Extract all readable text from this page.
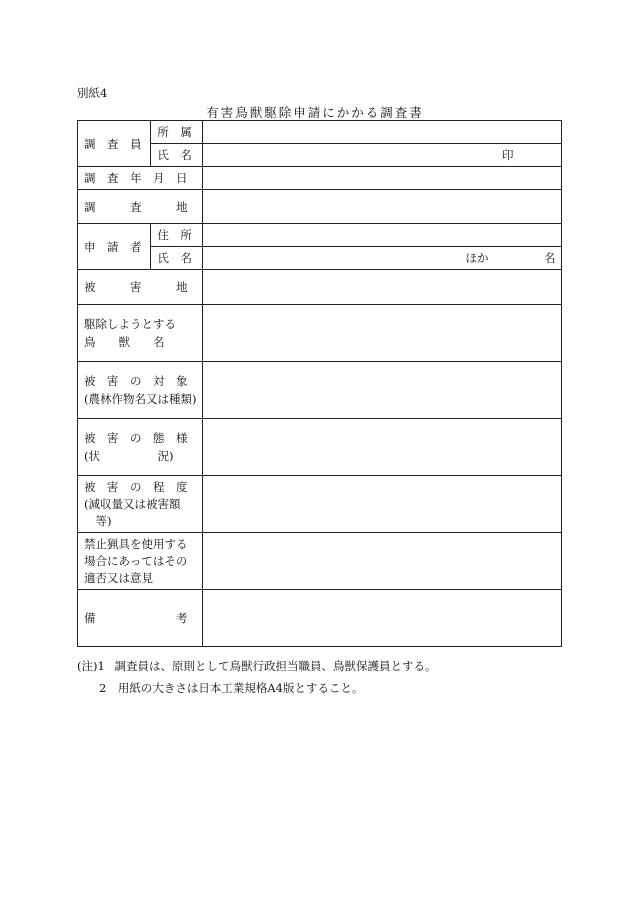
別紙4
有害鳥獣駆除申請にかかる調査書
調　査　員	所　属	
	氏　名	印
調　査　年　月　日		
調　　　査　　　地		
申　請　者	住　所	
	氏　名	ほか 名

被　　　害　　　地		
駆除しようとする
鳥　　獣　　名		
被　害　の　対　象
(農林作物名又は種類)		
被　害　の　態　様
(状　　　　　況)		
被　害　の　程　度
(減収量又は被害額
　等)		
禁止猟具を使用する
場合にあってはその
適否又は意見		
備　　　　　　　考		
(注)1　 調査員は、原則として鳥獣行政担当職員、鳥獣保護員とする。
2　 用紙の大きさは日本工業規格A4版とすること。
